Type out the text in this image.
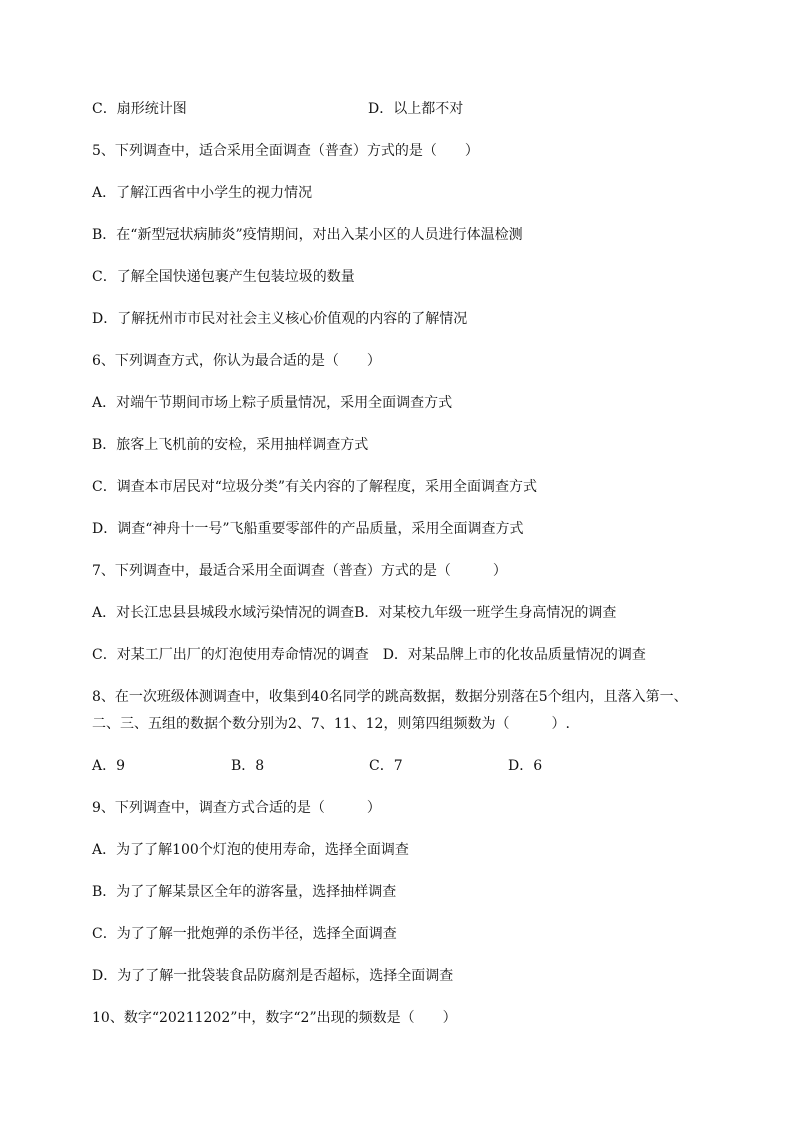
C．扇形统计图	D．以上都不对
5、下列调查中，适合采用全面调查（普查）方式的是（　　）
A．了解江西省中小学生的视力情况
B．在“新型冠状病肺炎”疫情期间，对出入某小区的人员进行体温检测
C．了解全国快递包裹产生包装垃圾的数量
D．了解抚州市市民对社会主义核心价值观的内容的了解情况
6、下列调查方式，你认为最合适的是（　　）
A．对端午节期间市场上粽子质量情况，采用全面调查方式
B．旅客上飞机前的安检，采用抽样调查方式
C．调查本市居民对“垃圾分类”有关内容的了解程度，采用全面调查方式
D．调查“神舟十一号”飞船重要零部件的产品质量，采用全面调查方式
7、下列调查中，最适合采用全面调查（普查）方式的是（　　　）
A．对长江忠县县城段水域污染情况的调查B．对某校九年级一班学生身高情况的调查
C．对某工厂出厂的灯泡使用寿命情况的调查　D．对某品牌上市的化妆品质量情况的调查
8、在一次班级体测调查中，收集到40名同学的跳高数据，数据分别落在5个组内，且落入第一、
二、三、五组的数据个数分别为2、7、11、12，则第四组频数为（　　　）.
A．9	B．8	C．7	D．6
9、下列调查中，调查方式合适的是（　　　）
A．为了了解100个灯泡的使用寿命，选择全面调查
B．为了了解某景区全年的游客量，选择抽样调查
C．为了了解一批炮弹的杀伤半径，选择全面调查
D．为了了解一批袋装食品防腐剂是否超标，选择全面调查
10、数字“20211202”中，数字“2”出现的频数是（　　）
